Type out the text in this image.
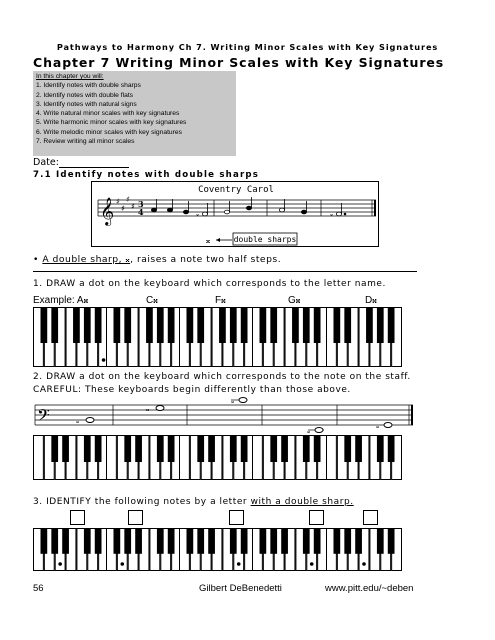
Pathways to Harmony Ch 7. Writing Minor Scales with Key Signatures
Chapter 7 Writing Minor Scales with Key Signatures
In this chapter you will:
1. Identify notes with double sharps
2. Identify notes with double flats
3. Identify notes with natural signs
4. Write natural minor scales with key signatures
5. Write harmonic minor scales with key signatures
6. Write melodic minor scales with key signatures
7. Review writing all minor scales
Date:
7.1 Identify notes with double sharps
Coventry Carol
𝄞 ♯
♯
♯
♯ 3
4	𝄪	𝄪
𝄪	double sharps
• A double sharp, 𝄪, raises a note two half steps.
1. DRAW a dot on the keyboard which corresponds to the letter name.
Example: A𝄪	C𝄪	F𝄪	G𝄪	D𝄪
2. DRAW a dot on the keyboard which corresponds to the note on the staff.
CAREFUL: These keyboards begin differently than those above.
𝄢	𝄪
𝄪
𝄪
𝄪
𝄪
3. IDENTIFY the following notes by a letter with a double sharp.
56	Gilbert DeBenedetti	www.pitt.edu/~deben
